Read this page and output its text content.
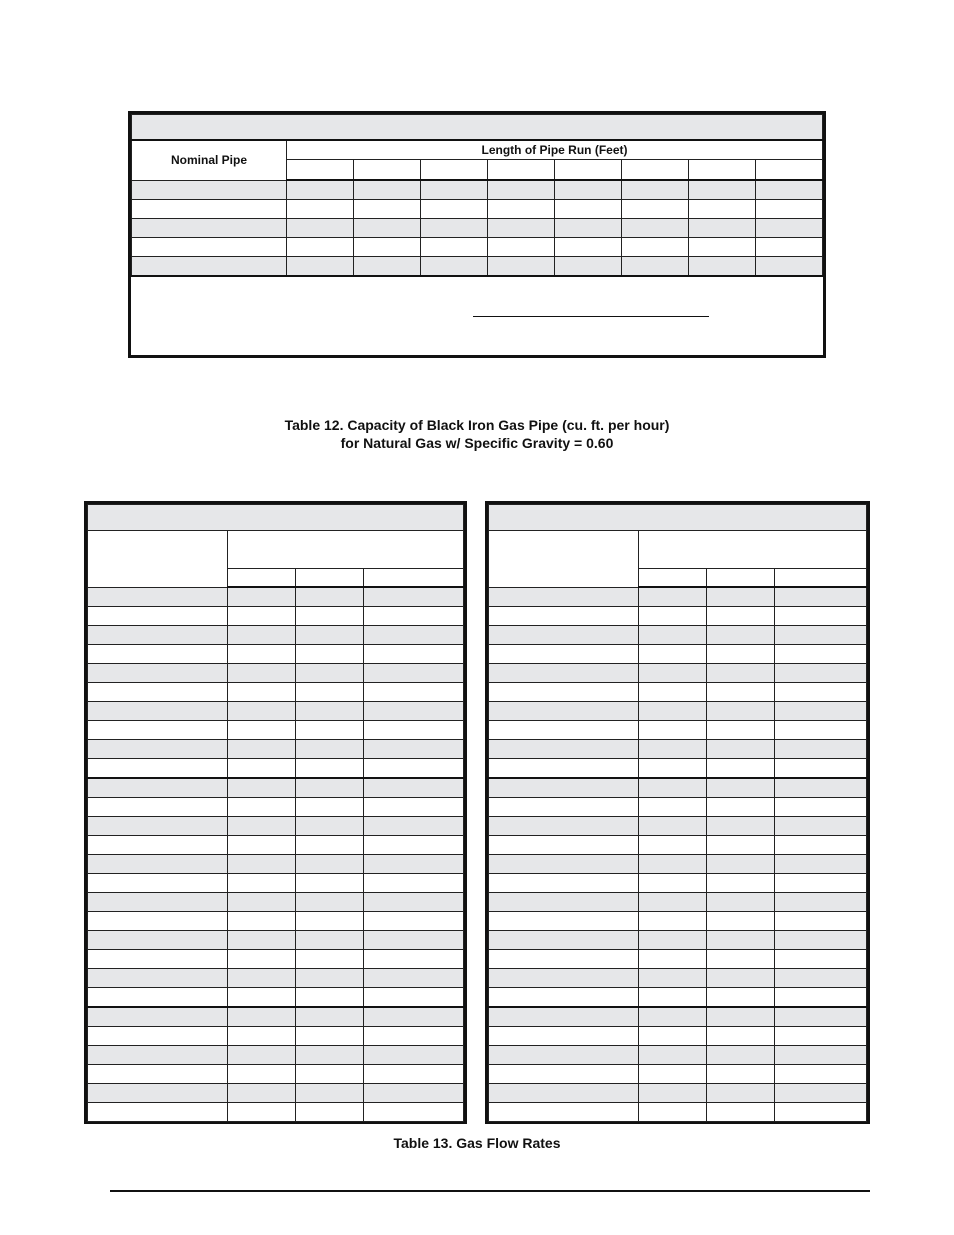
Nominal Pipe	Length of Pipe Run (Feet)							

Table 12. Capacity of Black Iron Gas Pipe (cu. ft. per hour)
for Natural Gas w/ Specific Gravity = 0.60

Table 13. Gas Flow Rates
